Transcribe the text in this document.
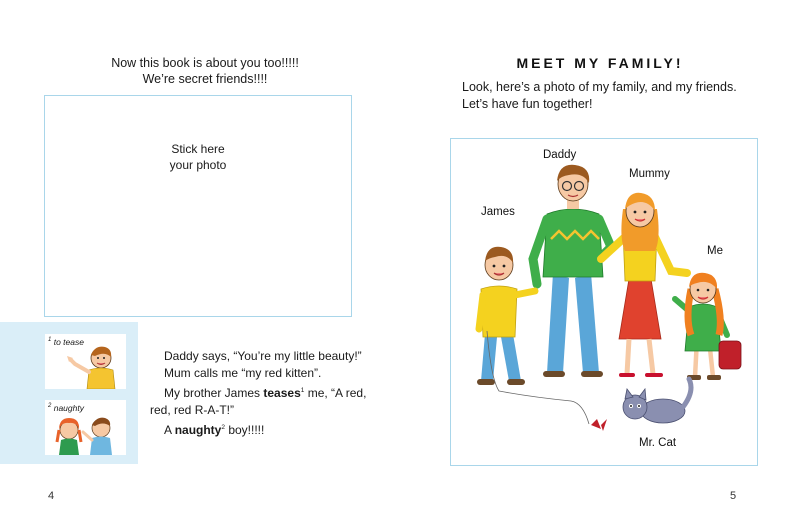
Now this book is about you too!!!!!
We’re secret friends!!!!
Stick here
your photo
$^1$ to tease
$^2$ naughty

Daddy says, “You’re my little beauty!”

Mum calls me “my red kitten”.

My brother James teases$^1$ me, “A red, red, red R-A-T!”

A naughty$^2$ boy!!!!!

4
MEET MY FAMILY!
Look, here’s a photo of my family, and my friends.
Let’s have fun together!
Daddy
Mummy
James
Me
Mr. Cat
5
